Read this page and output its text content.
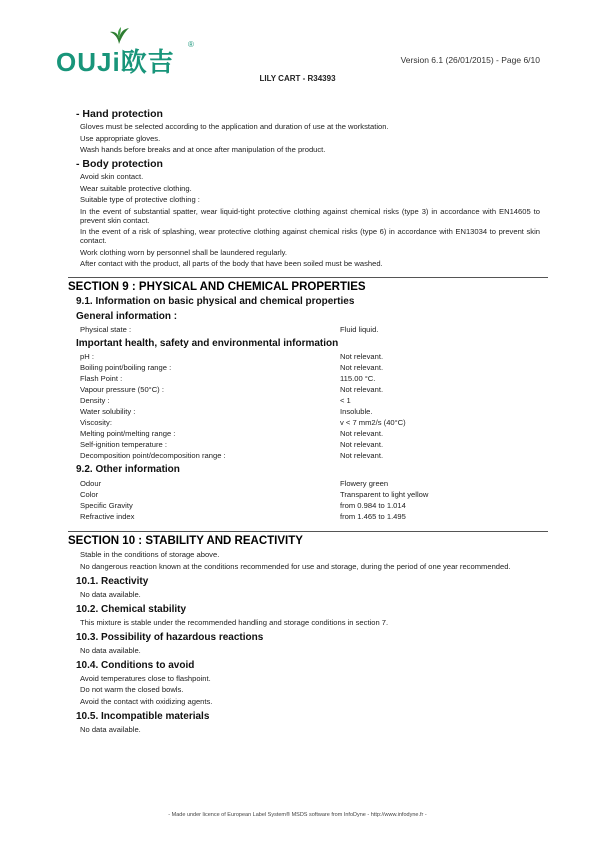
OUJi欧吉
®
Version 6.1 (26/01/2015) - Page 6/10
LILY CART - R34393
- Hand protection
Gloves must be selected according to the application and duration of use at the workstation.
Use appropriate gloves.
Wash hands before breaks and at once after manipulation of the product.
- Body protection
Avoid skin contact.
Wear suitable protective clothing.
Suitable type of protective clothing :
In the event of substantial spatter, wear liquid-tight protective clothing against chemical risks (type 3) in accordance with EN14605 to prevent skin contact.
In the event of a risk of splashing, wear protective clothing against chemical risks (type 6) in accordance with EN13034 to prevent skin contact.
Work clothing worn by personnel shall be laundered regularly.
After contact with the product, all parts of the body that have been soiled must be washed.
SECTION 9 : PHYSICAL AND CHEMICAL PROPERTIES
9.1. Information on basic physical and chemical properties
General information :
Physical state :	Fluid liquid.
Important health, safety and environmental information
pH :	Not relevant.
Boiling point/boiling range :	Not relevant.
Flash Point :	115.00 °C.
Vapour pressure (50°C) :	Not relevant.
Density :	< 1
Water solubility :	Insoluble.
Viscosity:	v < 7 mm2/s (40°C)
Melting point/melting range :	Not relevant.
Self-ignition temperature :	Not relevant.
Decomposition point/decomposition range :	Not relevant.
9.2. Other information
Odour	Flowery green
Color	Transparent to light yellow
Specific Gravity	from 0.984 to 1.014
Refractive index	from 1.465 to 1.495
SECTION 10 : STABILITY AND REACTIVITY
Stable in the conditions of storage above.
No dangerous reaction known at the conditions recommended for use and storage, during the period of one year recommended.
10.1. Reactivity
No data available.
10.2. Chemical stability
This mixture is stable under the recommended handling and storage conditions in section 7.
10.3. Possibility of hazardous reactions
No data available.
10.4. Conditions to avoid
Avoid temperatures close to flashpoint.
Do not warm the closed bowls.
Avoid the contact with oxidizing agents.
10.5. Incompatible materials
No data available.
- Made under licence of European Label System® MSDS software from InfoDyne - http://www.infodyne.fr -
